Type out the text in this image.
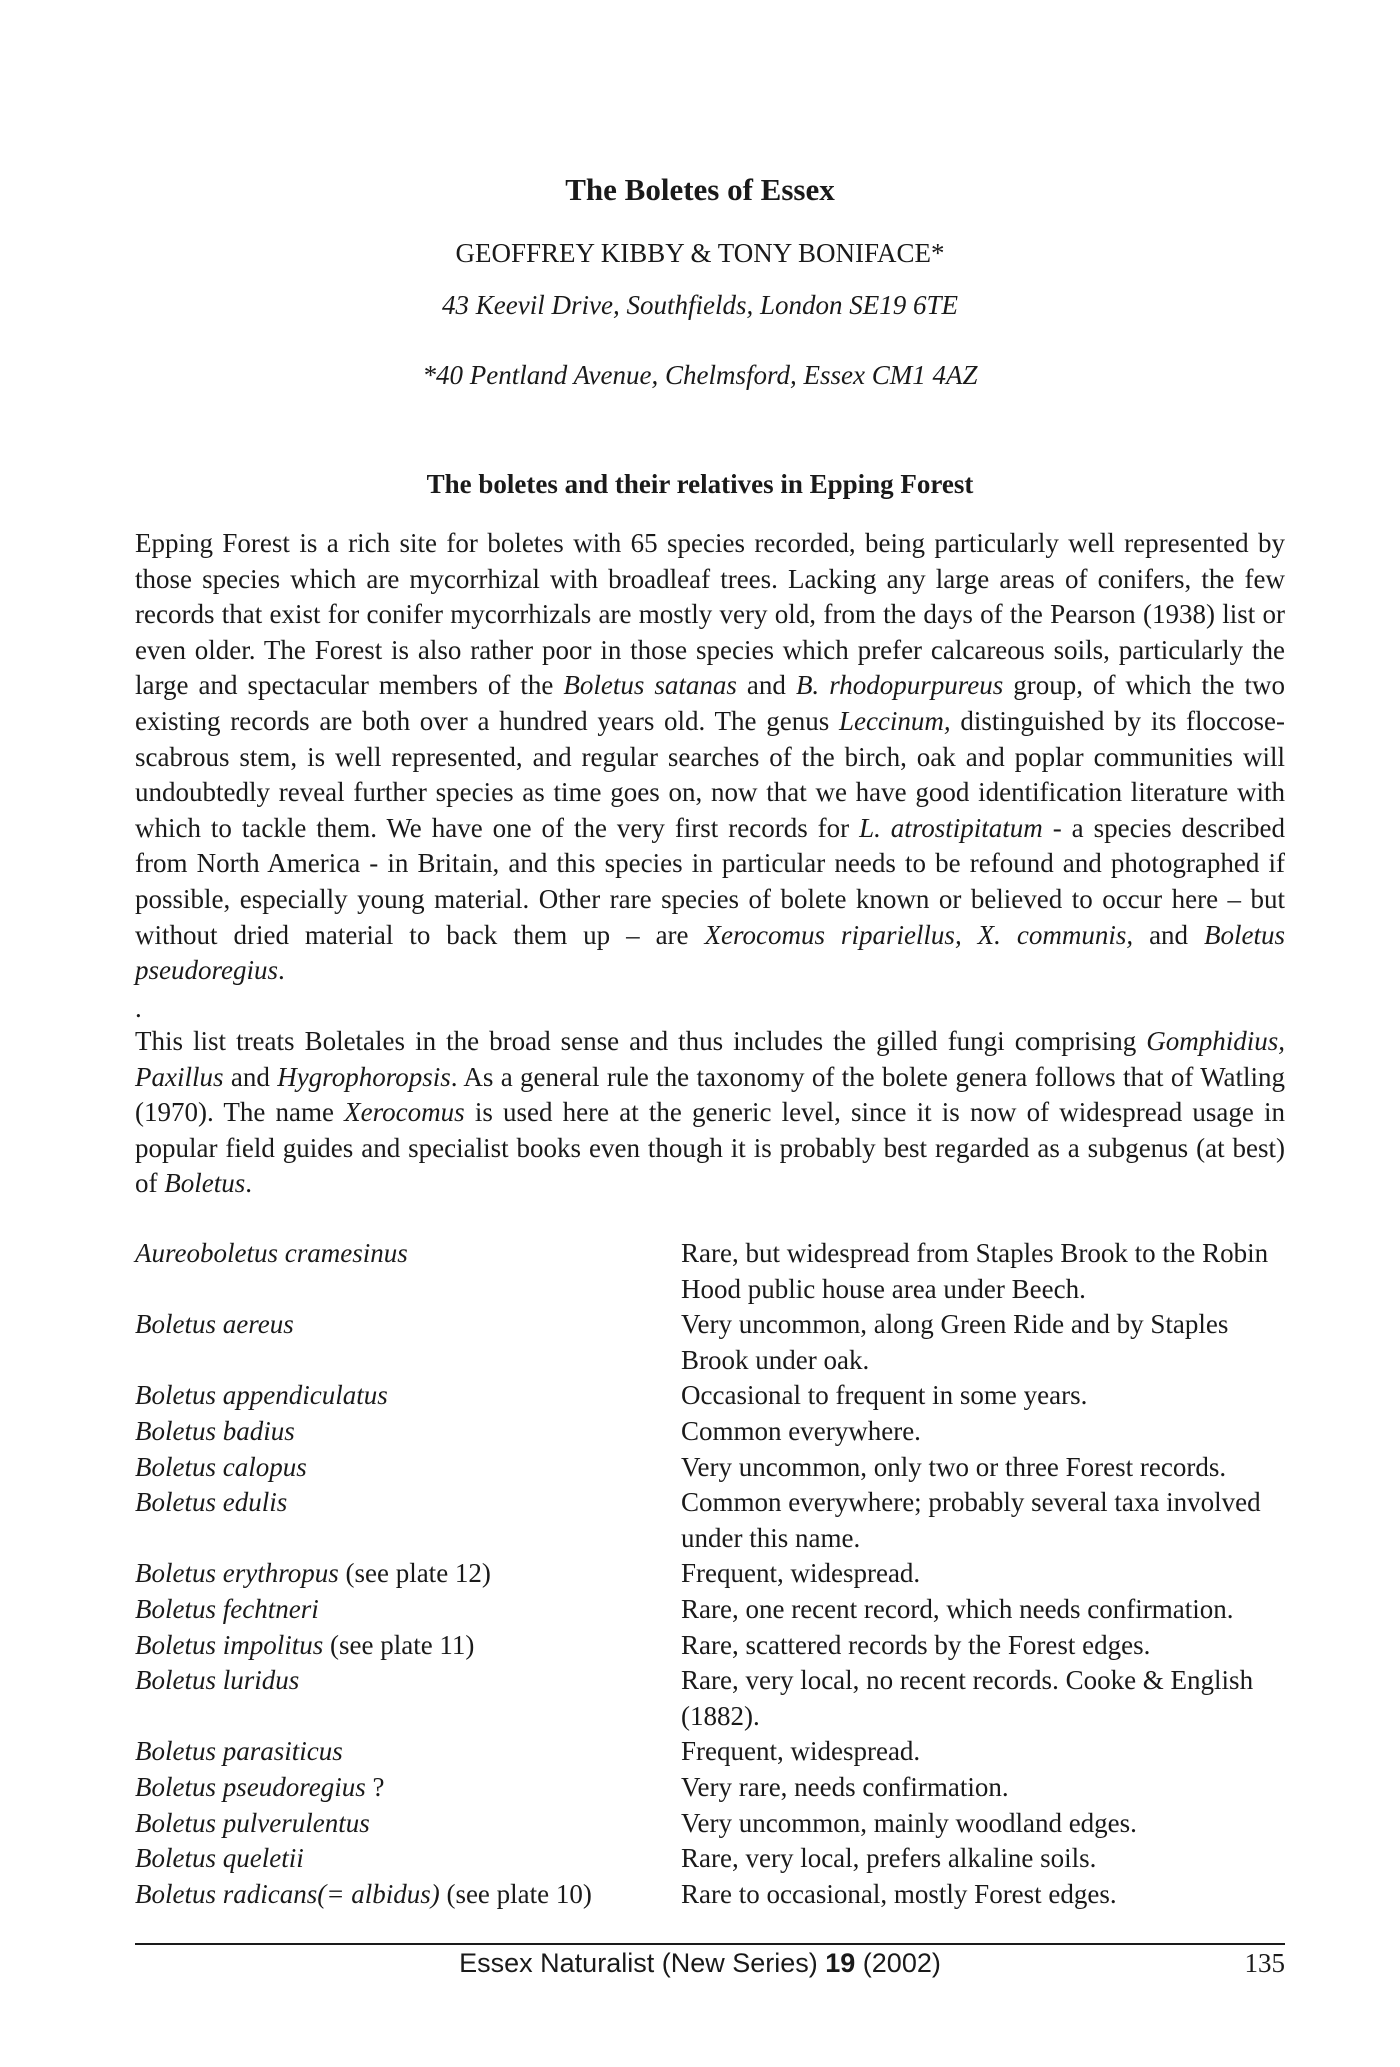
The Boletes of Essex
GEOFFREY KIBBY & TONY BONIFACE*
43 Keevil Drive, Southfields, London SE19 6TE
*40 Pentland Avenue, Chelmsford, Essex CM1 4AZ
The boletes and their relatives in Epping Forest
Epping Forest is a rich site for boletes with 65 species recorded, being particularly well represented by those species which are mycorrhizal with broadleaf trees. Lacking any large areas of conifers, the few records that exist for conifer mycorrhizals are mostly very old, from the days of the Pearson (1938) list or even older. The Forest is also rather poor in those species which prefer calcareous soils, particularly the large and spectacular members of the Boletus satanas and B. rhodopurpureus group, of which the two existing records are both over a hundred years old. The genus Leccinum, distinguished by its floccose-scabrous stem, is well represented, and regular searches of the birch, oak and poplar communities will undoubtedly reveal further species as time goes on, now that we have good identification literature with which to tackle them. We have one of the very first records for L. atrostipitatum - a species described from North America - in Britain, and this species in particular needs to be refound and photographed if possible, especially young material. Other rare species of bolete known or believed to occur here – but without dried material to back them up – are Xerocomus ripariellus, X. communis, and Boletus pseudoregius.
.
This list treats Boletales in the broad sense and thus includes the gilled fungi comprising Gomphidius, Paxillus and Hygrophoropsis. As a general rule the taxonomy of the bolete genera follows that of Watling (1970). The name Xerocomus is used here at the generic level, since it is now of widespread usage in popular field guides and specialist books even though it is probably best regarded as a subgenus (at best) of Boletus.
Aureoboletus cramesinus	Rare, but widespread from Staples Brook to the Robin Hood public house area under Beech.
Boletus aereus	Very uncommon, along Green Ride and by Staples Brook under oak.
Boletus appendiculatus	Occasional to frequent in some years.
Boletus badius	Common everywhere.
Boletus calopus	Very uncommon, only two or three Forest records.
Boletus edulis	Common everywhere; probably several taxa involved under this name.
Boletus erythropus (see plate 12)	Frequent, widespread.
Boletus fechtneri	Rare, one recent record, which needs confirmation.
Boletus impolitus (see plate 11)	Rare, scattered records by the Forest edges.
Boletus luridus	Rare, very local, no recent records. Cooke & English (1882).
Boletus parasiticus	Frequent, widespread.
Boletus pseudoregius ?	Very rare, needs confirmation.
Boletus pulverulentus	Very uncommon, mainly woodland edges.
Boletus queletii	Rare, very local, prefers alkaline soils.
Boletus radicans(= albidus) (see plate 10)	Rare to occasional, mostly Forest edges.
Essex Naturalist (New Series) 19 (2002)	135
